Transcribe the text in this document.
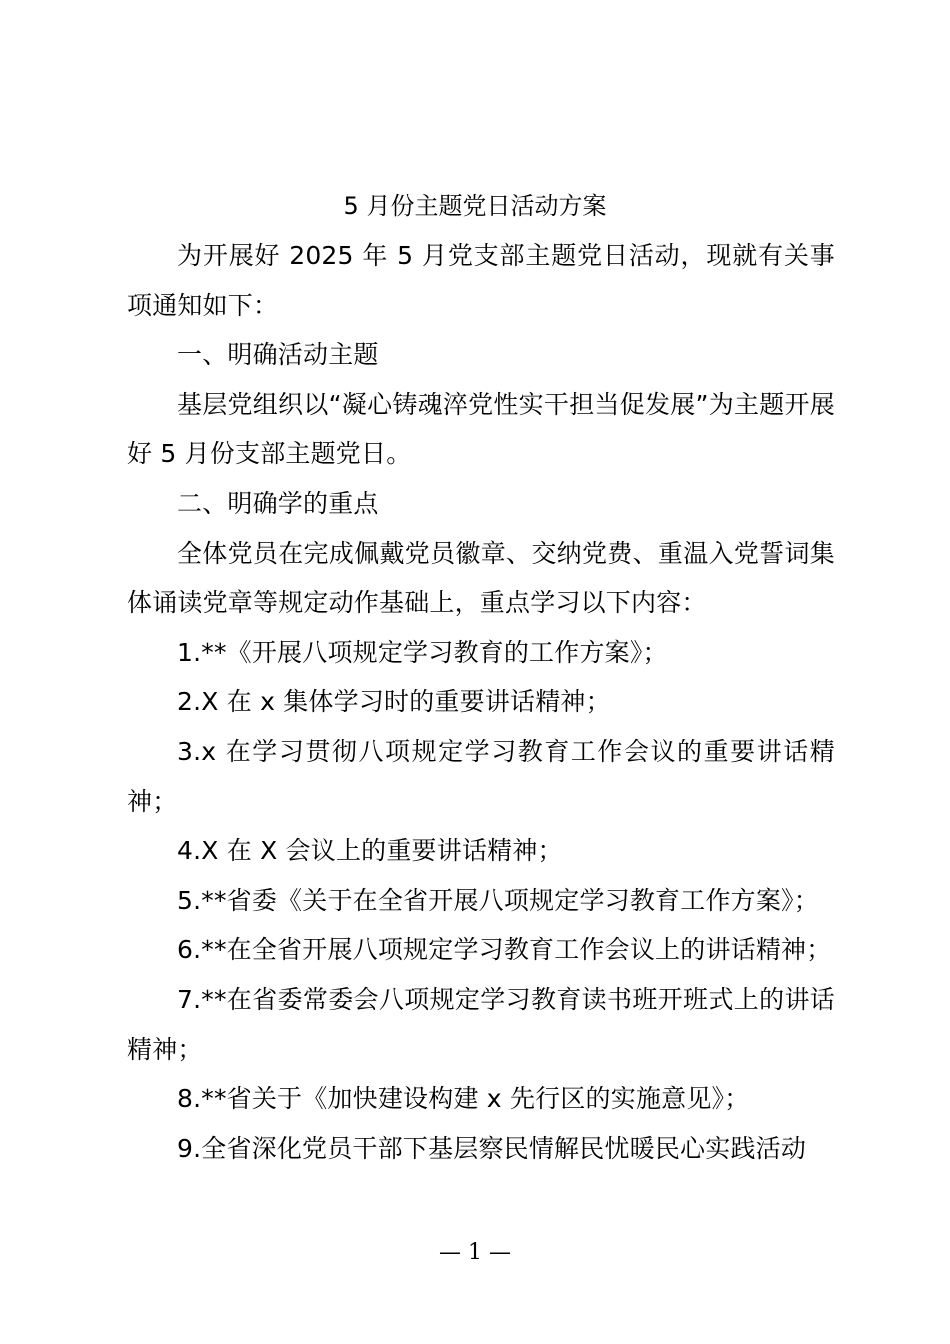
5 月份主题党日活动方案

为开展好 2025 年 5 月党支部主题党日活动，现就有关事项通知如下：

一、明确活动主题

基层党组织以“凝心铸魂淬党性实干担当促发展”为主题开展好 5 月份支部主题党日。

二、明确学的重点

全体党员在完成佩戴党员徽章、交纳党费、重温入党誓词集体诵读党章等规定动作基础上，重点学习以下内容：

1.**《开展八项规定学习教育的工作方案》；

2.X 在 x 集体学习时的重要讲话精神；

3.x 在学习贯彻八项规定学习教育工作会议的重要讲话精神；

4.X 在 X 会议上的重要讲话精神；

5.**省委《关于在全省开展八项规定学习教育工作方案》；

6.**在全省开展八项规定学习教育工作会议上的讲话精神；

7.**在省委常委会八项规定学习教育读书班开班式上的讲话精神；

8.**省关于《加快建设构建 x 先行区的实施意见》；

9.全省深化党员干部下基层察民情解民忧暖民心实践活动

— 1 —
